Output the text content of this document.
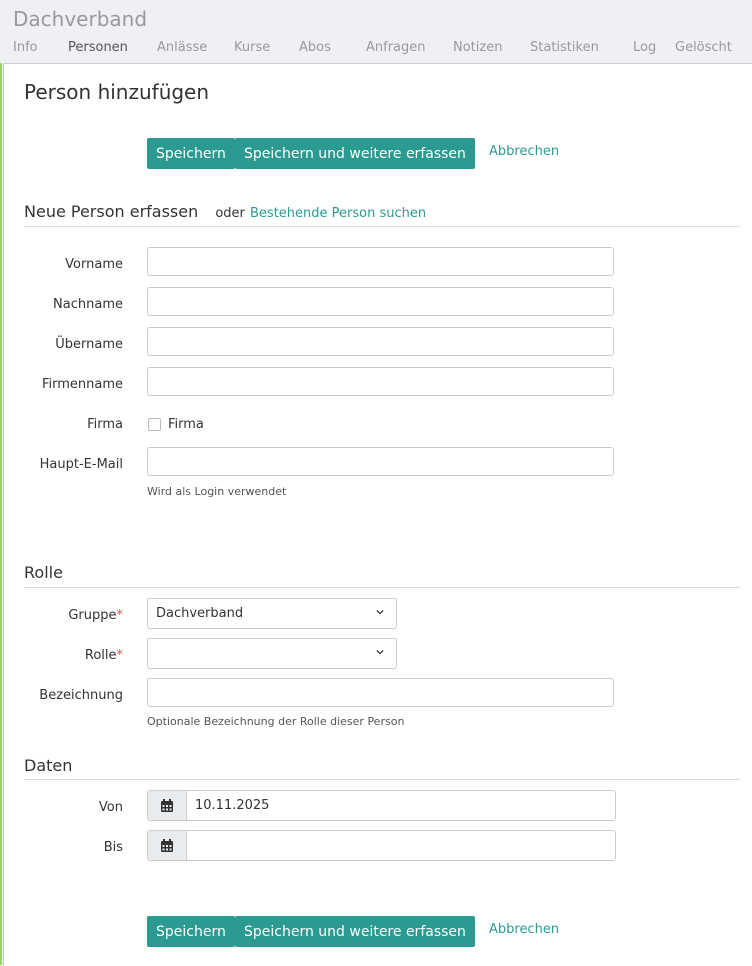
Dachverband
Info	Personen	Anlässe	Kurse	Abos	Anfragen	Notizen	Statistiken	Log	Gelöscht
Person hinzufügen
Speichern	Speichern und weitere erfassen	Abbrechen
Neue Person erfassen oder Bestehende Person suchen
Vorname
Nachname
Übername
Firmenname
Firma	Firma
Haupt-E-Mail
Wird als Login verwendet
Rolle
Gruppe*	Dachverband
Rolle*
Bezeichnung
Optionale Bezeichnung der Rolle dieser Person
Daten
Von	10.11.2025
Bis
Speichern	Speichern und weitere erfassen	Abbrechen
